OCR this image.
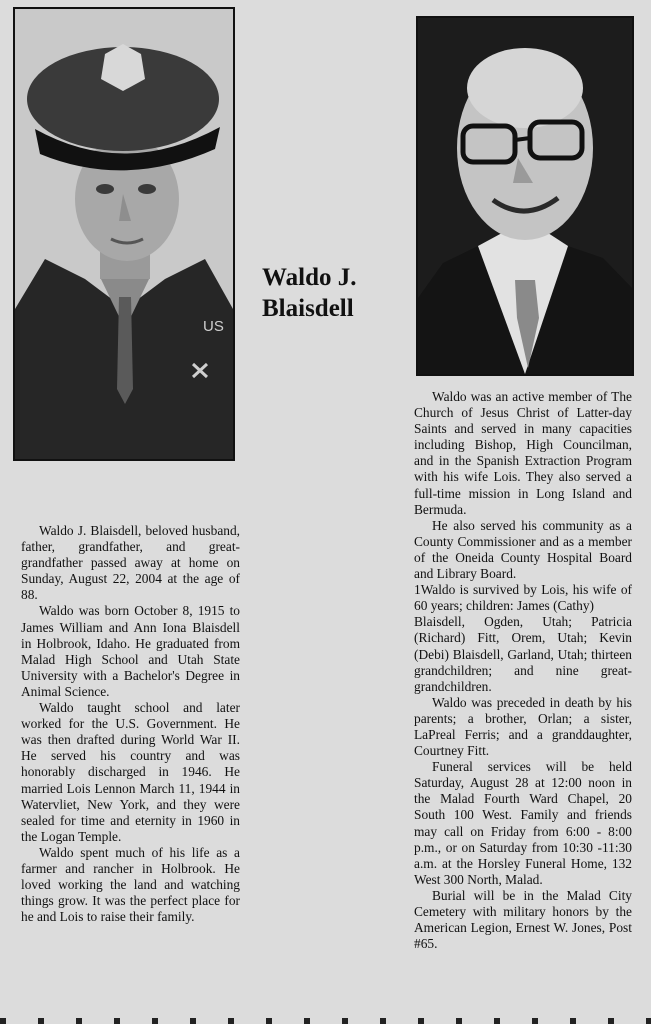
US
Waldo J.
Blaisdell

Waldo J. Blaisdell, beloved husband, father, grandfather, and great-grandfather passed away at home on Sunday, August 22, 2004 at the age of 88.

Waldo was born October 8, 1915 to James William and Ann Iona Blaisdell in Holbrook, Idaho. He graduated from Malad High School and Utah State University with a Bachelor's Degree in Animal Science.

Waldo taught school and later worked for the U.S. Government. He was then drafted during World War II. He served his country and was honorably discharged in 1946. He married Lois Lennon March 11, 1944 in Watervliet, New York, and they were sealed for time and eternity in 1960 in the Logan Temple.

Waldo spent much of his life as a farmer and rancher in Holbrook. He loved working the land and watching things grow. It was the perfect place for he and Lois to raise their family.

Waldo was an active member of The Church of Jesus Christ of Latter-day Saints and served in many capacities including Bishop, High Councilman, and in the Spanish Extraction Program with his wife Lois. They also served a full-time mission in Long Island and Bermuda.

He also served his community as a County Commissioner and as a member of the Oneida County Hospital Board and Library Board.

1Waldo is survived by Lois, his wife of 60 years; children: James (Cathy)

Blaisdell, Ogden, Utah; Patricia (Richard) Fitt, Orem, Utah; Kevin (Debi) Blaisdell, Garland, Utah; thirteen grandchildren; and nine great-grandchildren.

Waldo was preceded in death by his parents; a brother, Orlan; a sister, LaPreal Ferris; and a granddaughter, Courtney Fitt.

Funeral services will be held Saturday, August 28 at 12:00 noon in the Malad Fourth Ward Chapel, 20 South 100 West. Family and friends may call on Friday from 6:00 - 8:00 p.m., or on Saturday from 10:30 -11:30 a.m. at the Horsley Funeral Home, 132 West 300 North, Malad.

Burial will be in the Malad City Cemetery with military honors by the American Legion, Ernest W. Jones, Post #65.
